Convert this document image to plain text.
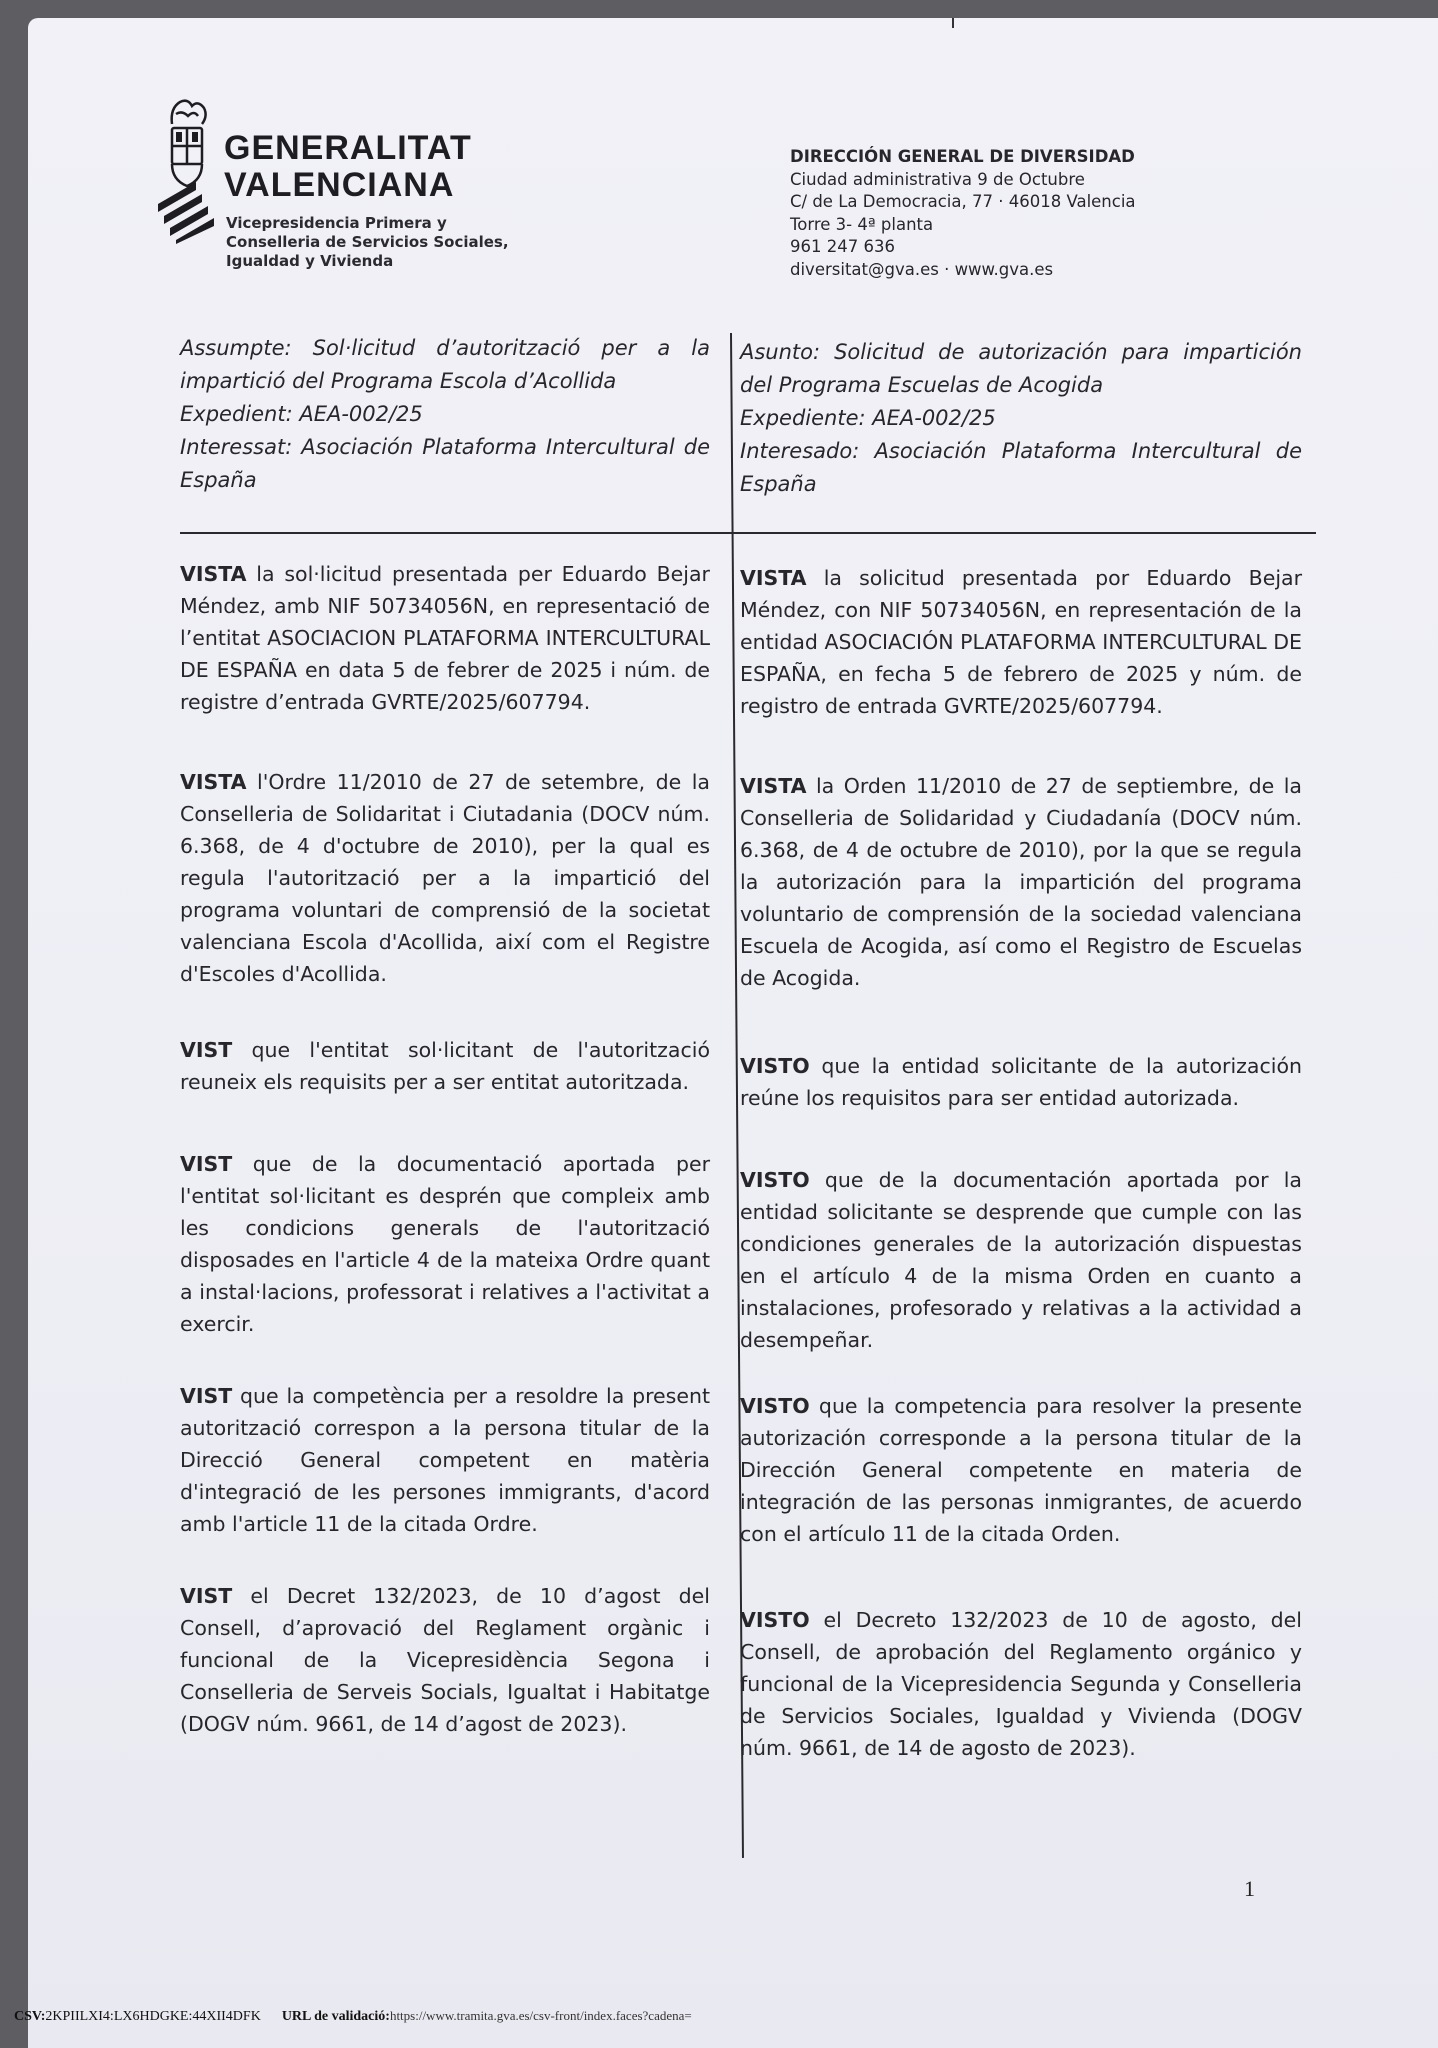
GENERALITAT
VALENCIANA
Vicepresidencia Primera y
Conselleria de Servicios Sociales,
Igualdad y Vivienda
DIRECCIÓN GENERAL DE DIVERSIDAD
Ciudad administrativa 9 de Octubre
C/ de La Democracia, 77 · 46018 Valencia
Torre 3- 4ª planta
961 247 636
diversitat@gva.es · www.gva.es

Assumpte: Sol·licitud d’autorització per a la impartició del Programa Escola d’Acollida

Expedient: AEA-002/25

Interessat: Asociación Plataforma Intercultural de España

Asunto: Solicitud de autorización para impartición del Programa Escuelas de Acogida

Expediente: AEA-002/25

Interesado: Asociación Plataforma Intercultural de España

VISTA la sol·licitud presentada per Eduardo Bejar Méndez, amb NIF 50734056N, en representació de l’entitat ASOCIACION PLATAFORMA INTERCULTURAL DE ESPAÑA en data 5 de febrer de 2025 i núm. de registre d’entrada GVRTE/2025/607794.
VISTA l'Ordre 11/2010 de 27 de setembre, de la Conselleria de Solidaritat i Ciutadania (DOCV núm. 6.368, de 4 d'octubre de 2010), per la qual es regula l'autorització per a la impartició del programa voluntari de comprensió de la societat valenciana Escola d'Acollida, així com el Registre d'Escoles d'Acollida.
VIST que l'entitat sol·licitant de l'autorització reuneix els requisits per a ser entitat autoritzada.
VIST que de la documentació aportada per l'entitat sol·licitant es desprén que compleix amb les condicions generals de l'autorització disposades en l'article 4 de la mateixa Ordre quant a instal·lacions, professorat i relatives a l'activitat a exercir.
VIST que la competència per a resoldre la present autorització correspon a la persona titular de la Direcció General competent en matèria d'integració de les persones immigrants, d'acord amb l'article 11 de la citada Ordre.
VIST el Decret 132/2023, de 10 d’agost del Consell, d’aprovació del Reglament orgànic i funcional de la Vicepresidència Segona i Conselleria de Serveis Socials, Igualtat i Habitatge (DOGV núm. 9661, de 14 d’agost de 2023).
VISTA la solicitud presentada por Eduardo Bejar Méndez, con NIF 50734056N, en representación de la entidad ASOCIACIÓN PLATAFORMA INTERCULTURAL DE ESPAÑA, en fecha 5 de febrero de 2025 y núm. de registro de entrada GVRTE/2025/607794.
VISTA la Orden 11/2010 de 27 de septiembre, de la Conselleria de Solidaridad y Ciudadanía (DOCV núm. 6.368, de 4 de octubre de 2010), por la que se regula la autorización para la impartición del programa voluntario de comprensión de la sociedad valenciana Escuela de Acogida, así como el Registro de Escuelas de Acogida.
VISTO que la entidad solicitante de la autorización reúne los requisitos para ser entidad autorizada.
VISTO que de la documentación aportada por la entidad solicitante se desprende que cumple con las condiciones generales de la autorización dispuestas en el artículo 4 de la misma Orden en cuanto a instalaciones, profesorado y relativas a la actividad a desempeñar.
VISTO que la competencia para resolver la presente autorización corresponde a la persona titular de la Dirección General competente en materia de integración de las personas inmigrantes, de acuerdo con el artículo 11 de la citada Orden.
VISTO el Decreto 132/2023 de 10 de agosto, del Consell, de aprobación del Reglamento orgánico y funcional de la Vicepresidencia Segunda y Conselleria de Servicios Sociales, Igualdad y Vivienda (DOGV núm. 9661, de 14 de agosto de 2023).
1
CSV:2KPIILXI4:LX6HDGKE:44XII4DFK URL de validació:https://www.tramita.gva.es/csv-front/index.faces?cadena=
